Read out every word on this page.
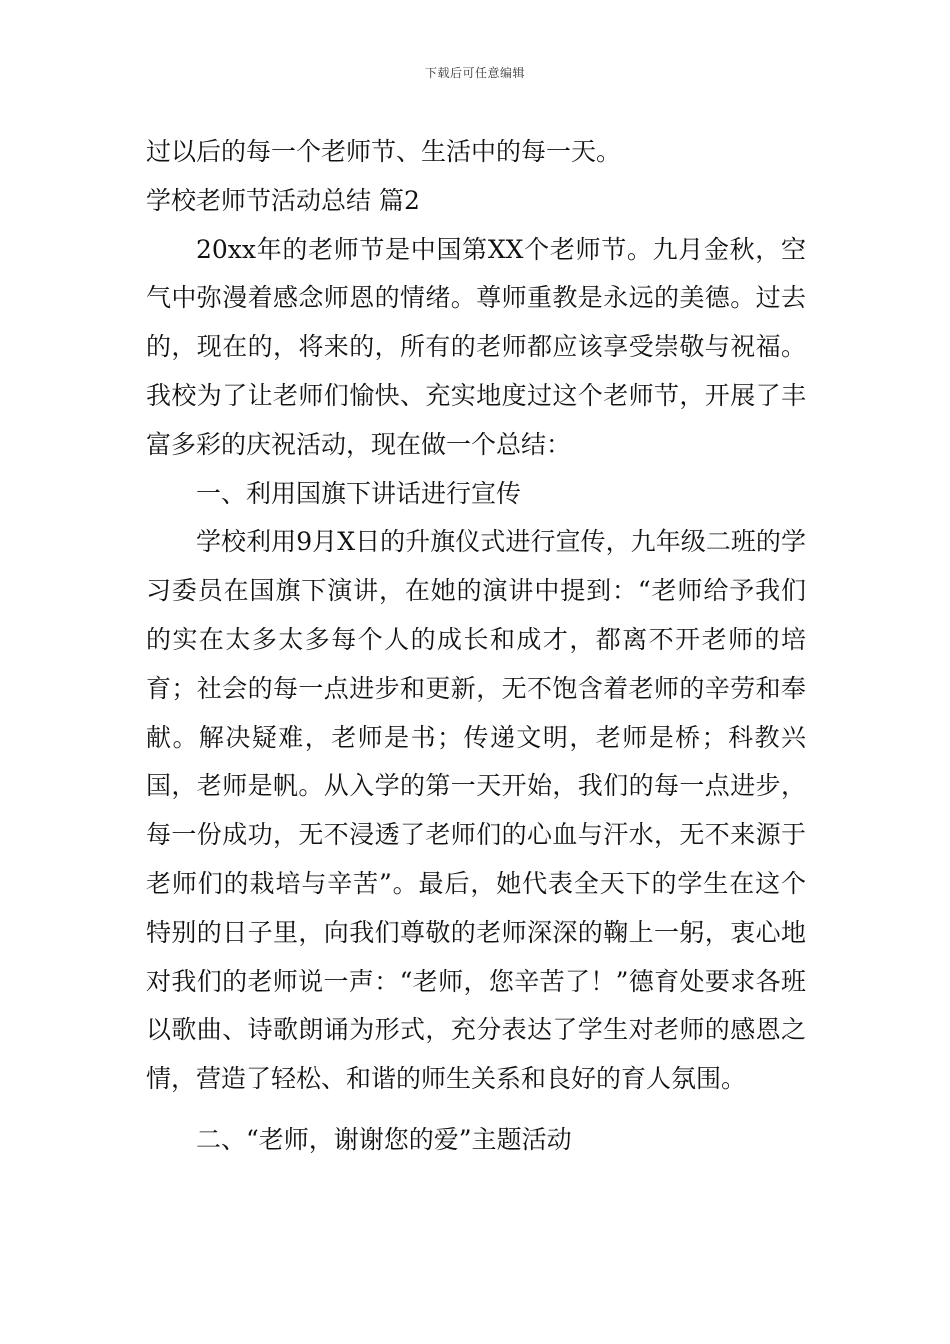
下载后可任意编辑

过以后的每一个老师节、生活中的每一天。

学校老师节活动总结 篇2

20xx年的老师节是中国第XX个老师节。九月金秋，空气中弥漫着感念师恩的情绪。尊师重教是永远的美德。过去的，现在的，将来的，所有的老师都应该享受崇敬与祝福。我校为了让老师们愉快、充实地度过这个老师节，开展了丰富多彩的庆祝活动，现在做一个总结：

一、利用国旗下讲话进行宣传

学校利用9月X日的升旗仪式进行宣传，九年级二班的学习委员在国旗下演讲，在她的演讲中提到：“老师给予我们的实在太多太多每个人的成长和成才，都离不开老师的培育；社会的每一点进步和更新，无不饱含着老师的辛劳和奉献。解决疑难，老师是书；传递文明，老师是桥；科教兴国，老师是帆。从入学的第一天开始，我们的每一点进步，每一份成功，无不浸透了老师们的心血与汗水，无不来源于老师们的栽培与辛苦”。最后，她代表全天下的学生在这个特别的日子里，向我们尊敬的老师深深的鞠上一躬，衷心地对我们的老师说一声：“老师，您辛苦了！”德育处要求各班以歌曲、诗歌朗诵为形式，充分表达了学生对老师的感恩之情，营造了轻松、和谐的师生关系和良好的育人氛围。

二、“老师，谢谢您的爱”主题活动
